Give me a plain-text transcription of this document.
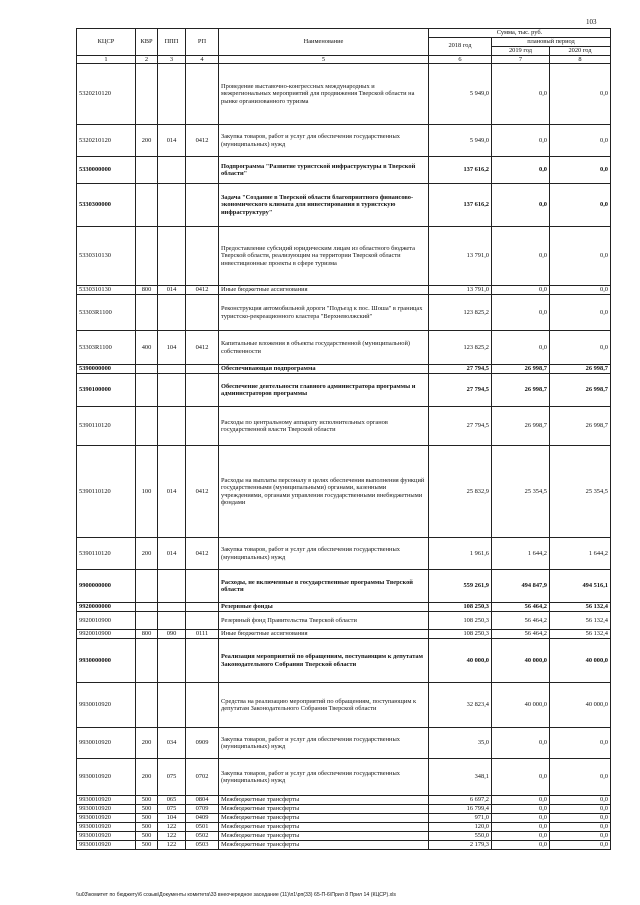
103
КЦСР	КВР	ППП	РП	Наименование	Сумма, тыс. руб.		
					2018 год	плановый период	
						2019 год	2020 год
1	2	3	4	5	6	7	8
5320210120				Проведение выставочно-конгрессных международных и межрегиональных мероприятий для продвижения Тверской области на рынке организованного туризма	5 949,0	0,0	0,0
5320210120	200	014	0412	Закупка товаров, работ и услуг для обеспечения государственных (муниципальных) нужд	5 949,0	0,0	0,0
5330000000				Подпрограмма "Развитие туристской инфраструктуры в Тверской области"	137 616,2	0,0	0,0
5330300000				Задача "Создание в Тверской области благоприятного финансово-экономического климата для инвестирования в туристскую инфраструктуру"	137 616,2	0,0	0,0
5330310130				Предоставление субсидий юридическим лицам из областного бюджета Тверской области, реализующим на территории Тверской области инвестиционные проекты в сфере туризма	13 791,0	0,0	0,0
5330310130	800	014	0412	Иные бюджетные ассигнования	13 791,0	0,0	0,0
53303R1100				Реконструкция автомобильной дороги "Подъезд к пос. Шоша" в границах туристско-рекреационного кластера "Верхневолжский"	123 825,2	0,0	0,0
53303R1100	400	104	0412	Капитальные вложения в объекты государственной (муниципальной) собственности	123 825,2	0,0	0,0
5390000000				Обеспечивающая подпрограмма	27 794,5	26 998,7	26 998,7
5390100000				Обеспечение деятельности главного администратора программы и администраторов программы	27 794,5	26 998,7	26 998,7
5390110120				Расходы по центральному аппарату исполнительных органов государственной власти Тверской области	27 794,5	26 998,7	26 998,7
5390110120	100	014	0412	Расходы на выплаты персоналу в целях обеспечения выполнения функций государственными (муниципальными) органами, казенными учреждениями, органами управления государственными внебюджетными фондами	25 832,9	25 354,5	25 354,5
5390110120	200	014	0412	Закупка товаров, работ и услуг для обеспечения государственных (муниципальных) нужд	1 961,6	1 644,2	1 644,2
9900000000				Расходы, не включенные в государственные программы Тверской области	559 261,9	494 847,9	494 516,1
9920000000				Резервные фонды	108 250,3	56 464,2	56 132,4
9920010900				Резервный фонд Правительства Тверской области	108 250,3	56 464,2	56 132,4
9920010900	800	090	0111	Иные бюджетные ассигнования	108 250,3	56 464,2	56 132,4
9930000000				Реализация мероприятий по обращениям, поступающим к депутатам Законодательного Собрания Тверской области	40 000,0	40 000,0	40 000,0
9930010920				Средства на реализацию мероприятий по обращениям, поступающим к депутатам Законодательного Собрания Тверской области	32 823,4	40 000,0	40 000,0
9930010920	200	034	0909	Закупка товаров, работ и услуг для обеспечения государственных (муниципальных) нужд	35,0	0,0	0,0
9930010920	200	075	0702	Закупка товаров, работ и услуг для обеспечения государственных (муниципальных) нужд	348,1	0,0	0,0
9930010920	500	065	0804	Межбюджетные трансферты	6 697,2	0,0	0,0
9930010920	500	075	0709	Межбюджетные трансферты	16 799,4	0,0	0,0
9930010920	500	104	0409	Межбюджетные трансферты	971,0	0,0	0,0
9930010920	500	122	0501	Межбюджетные трансферты	120,0	0,0	0,0
9930010920	500	122	0502	Межбюджетные трансферты	550,0	0,0	0,0
9930010920	500	122	0503	Межбюджетные трансферты	2 179,3	0,0	0,0
\\u03\комитет по бюджету\6 созыв\Документы комитета\33 внеочередное заседание (11)\п1\рп(33) 65-П-6\Прил 8 Прил 14 (КЦСР).xls
